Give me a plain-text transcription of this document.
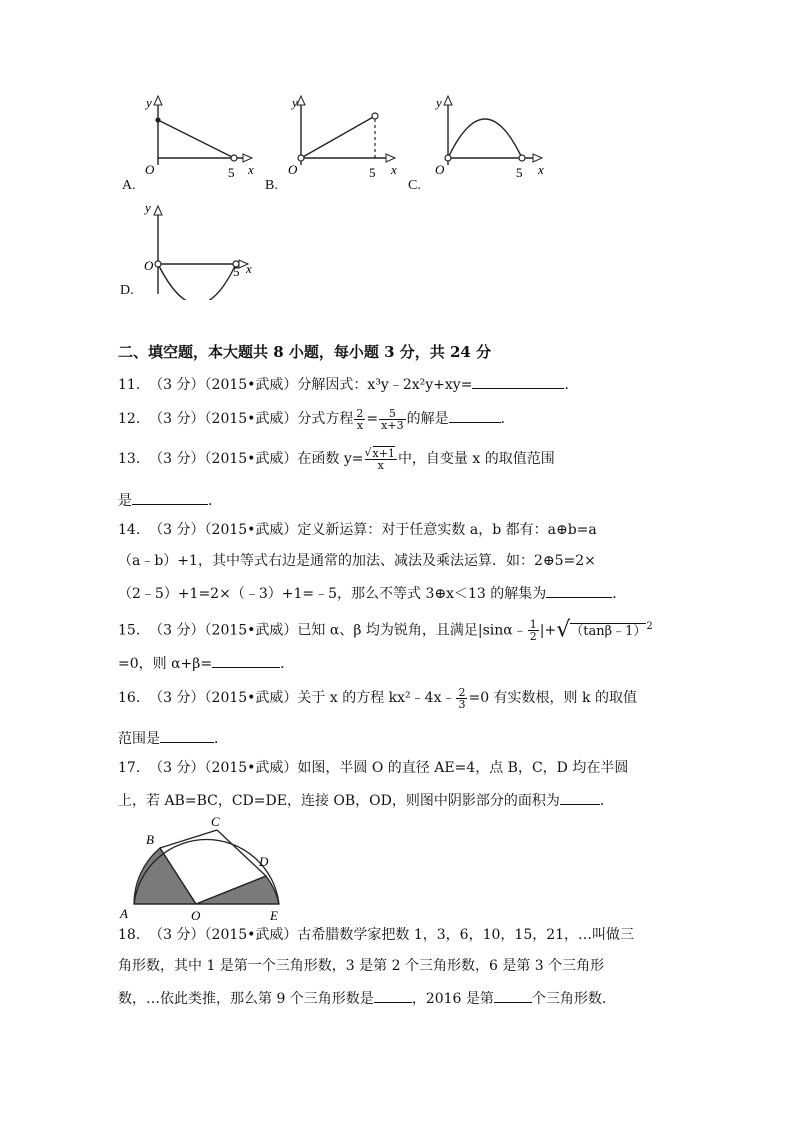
y
x
O	5
A.
y
x
O	5
B.
y
x
O	5
C.
y
x
O	5
D.
二、填空题，本大题共 8 小题，每小题 3 分，共 24 分
11. （3 分）（2015•武威）分解因式：x³y﹣2x²y+xy=	．
12. （3 分）（2015•武威）分式方程 $\frac{2}{x} = \frac{5}{x+3}$ 的解是	．
13. （3 分）（2015•武威）在函数 $y= \frac{√ x+1}{x}$ 中，自变量 x 的取值范围
是	．
14. （3 分）（2015•武威）定义新运算：对于任意实数 a，b 都有：a⊕b=a
（a﹣b）+1，其中等式右边是通常的加法、减法及乘法运算．如：2⊕5=2×
（2﹣5）+1=2×（﹣3）+1=﹣5，那么不等式 3⊕x＜13 的解集为	．
15. （3 分）（2015•武威）已知 α、β 均为锐角，且满足|sinα﹣ $\frac{1}{2}$ |+√（tanβ﹣1）$^2$
=0，则 α+β=	．
16. （3 分）（2015•武威）关于 x 的方程 kx²﹣4x﹣ $\frac{2}{3} =0$ 有实数根，则 k 的取值
范围是	．
17. （3 分）（2015•武威）如图，半圆 O 的直径 AE=4，点 B，C，D 均在半圆
上，若 AB=BC，CD=DE，连接 OB，OD，则图中阴影部分的面积为	．
B
C
D
A	O	E
18. （3 分）（2015•武威）古希腊数学家把数 1，3，6，10，15，21，…叫做三
角形数，其中 1 是第一个三角形数，3 是第 2 个三角形数，6 是第 3 个三角形
数，…依此类推，那么第 9 个三角形数是	，2016 是第	个三角形数．
